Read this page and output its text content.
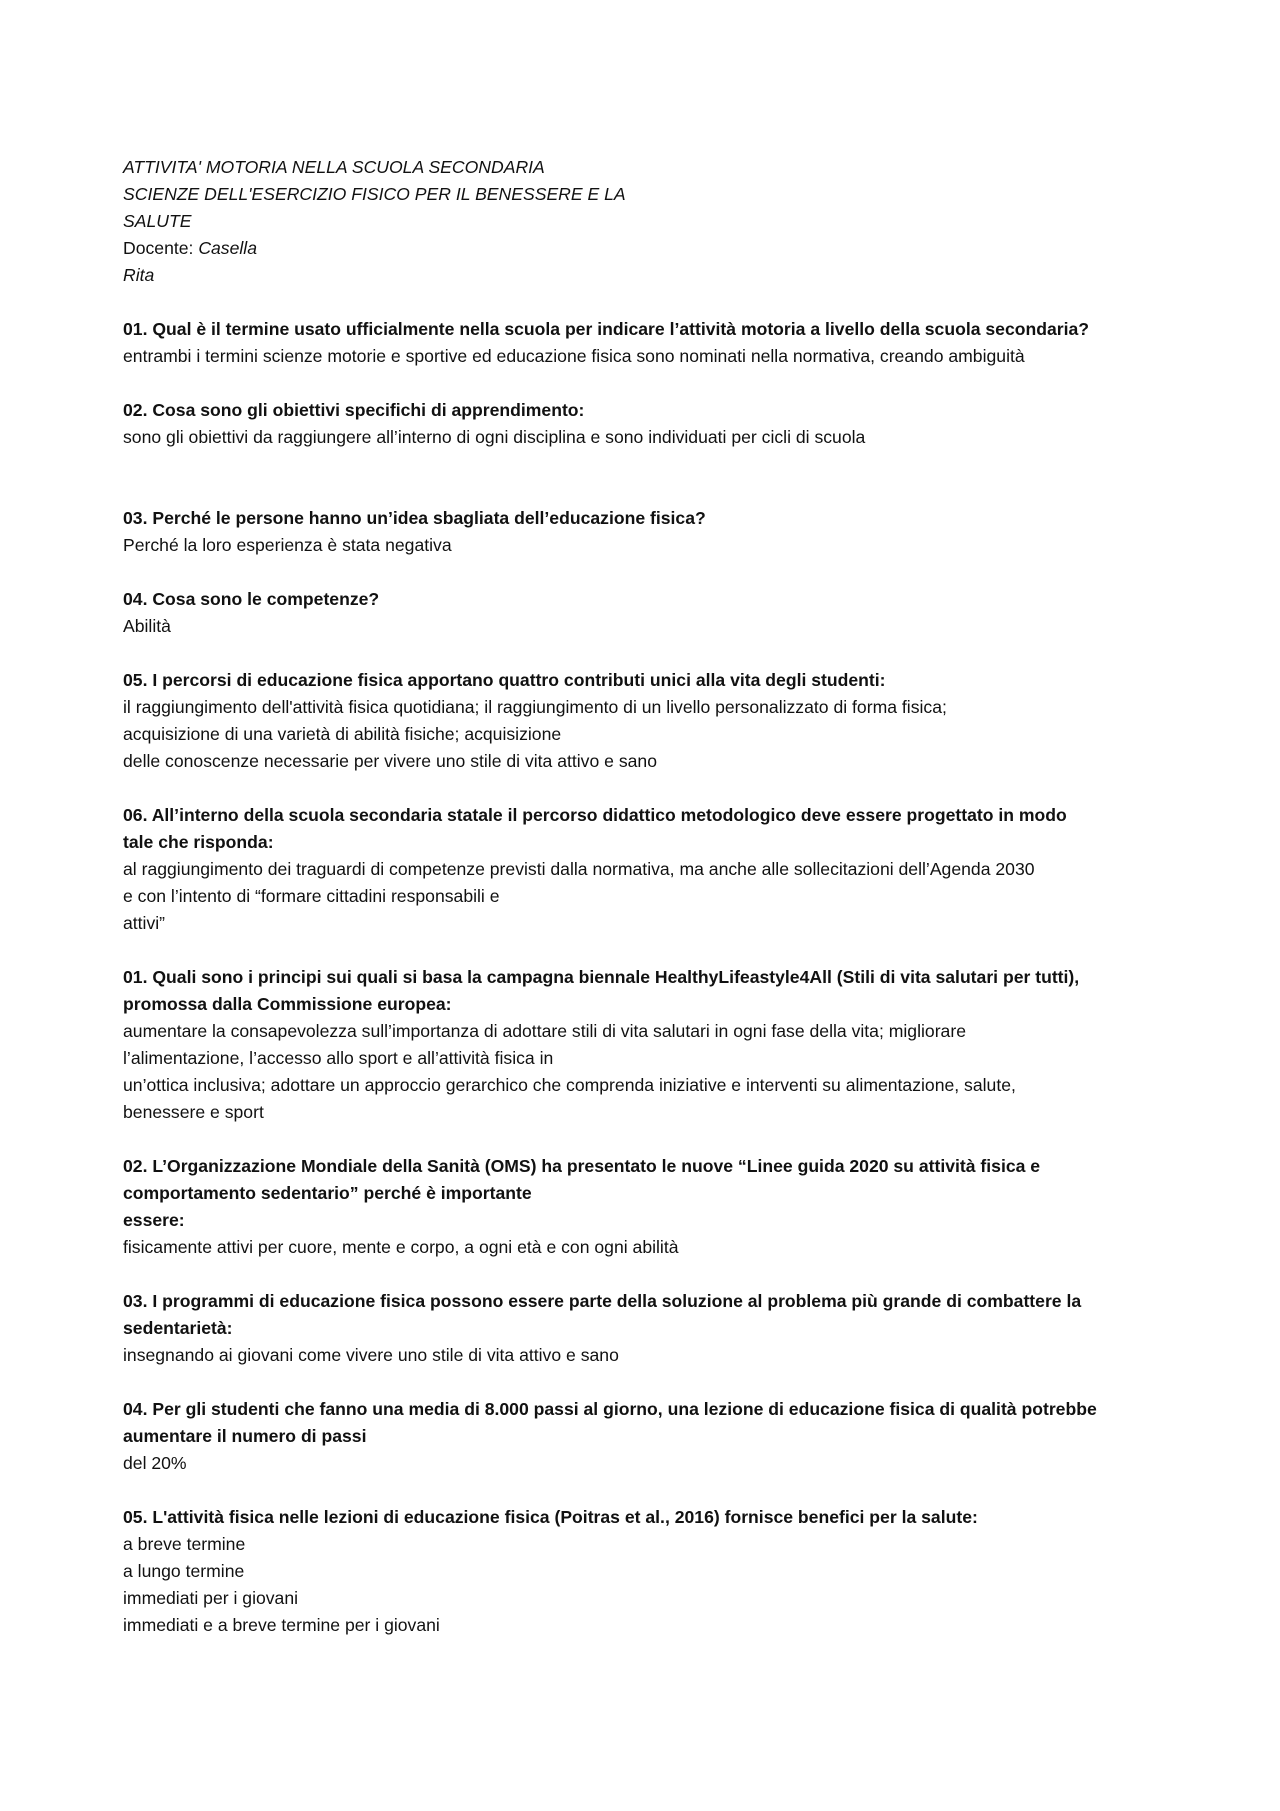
ATTIVITA' MOTORIA NELLA SCUOLA SECONDARIA
SCIENZE DELL'ESERCIZIO FISICO PER IL BENESSERE E LA
SALUTE
Docente: Casella
Rita
01. Qual è il termine usato ufficialmente nella scuola per indicare l’attività motoria a livello della scuola secondaria?
entrambi i termini scienze motorie e sportive ed educazione fisica sono nominati nella normativa, creando ambiguità
02. Cosa sono gli obiettivi specifichi di apprendimento:
sono gli obiettivi da raggiungere all’interno di ogni disciplina e sono individuati per cicli di scuola
03. Perché le persone hanno un’idea sbagliata dell’educazione fisica?
Perché la loro esperienza è stata negativa
04. Cosa sono le competenze?
Abilità
05. I percorsi di educazione fisica apportano quattro contributi unici alla vita degli studenti:
il raggiungimento dell'attività fisica quotidiana; il raggiungimento di un livello personalizzato di forma fisica;
acquisizione di una varietà di abilità fisiche; acquisizione
delle conoscenze necessarie per vivere uno stile di vita attivo e sano
06. All’interno della scuola secondaria statale il percorso didattico metodologico deve essere progettato in modo
tale che risponda:
al raggiungimento dei traguardi di competenze previsti dalla normativa, ma anche alle sollecitazioni dell’Agenda 2030
e con l’intento di “formare cittadini responsabili e
attivi”
01. Quali sono i principi sui quali si basa la campagna biennale HealthyLifeastyle4All (Stili di vita salutari per tutti),
promossa dalla Commissione europea:
aumentare la consapevolezza sull’importanza di adottare stili di vita salutari in ogni fase della vita; migliorare
l’alimentazione, l’accesso allo sport e all’attività fisica in
un’ottica inclusiva; adottare un approccio gerarchico che comprenda iniziative e interventi su alimentazione, salute,
benessere e sport
02. L’Organizzazione Mondiale della Sanità (OMS) ha presentato le nuove “Linee guida 2020 su attività fisica e
comportamento sedentario” perché è importante
essere:
fisicamente attivi per cuore, mente e corpo, a ogni età e con ogni abilità
03. I programmi di educazione fisica possono essere parte della soluzione al problema più grande di combattere la
sedentarietà:
insegnando ai giovani come vivere uno stile di vita attivo e sano
04. Per gli studenti che fanno una media di 8.000 passi al giorno, una lezione di educazione fisica di qualità potrebbe
aumentare il numero di passi
del 20%
05. L'attività fisica nelle lezioni di educazione fisica (Poitras et al., 2016) fornisce benefici per la salute:
a breve termine
a lungo termine
immediati per i giovani
immediati e a breve termine per i giovani
